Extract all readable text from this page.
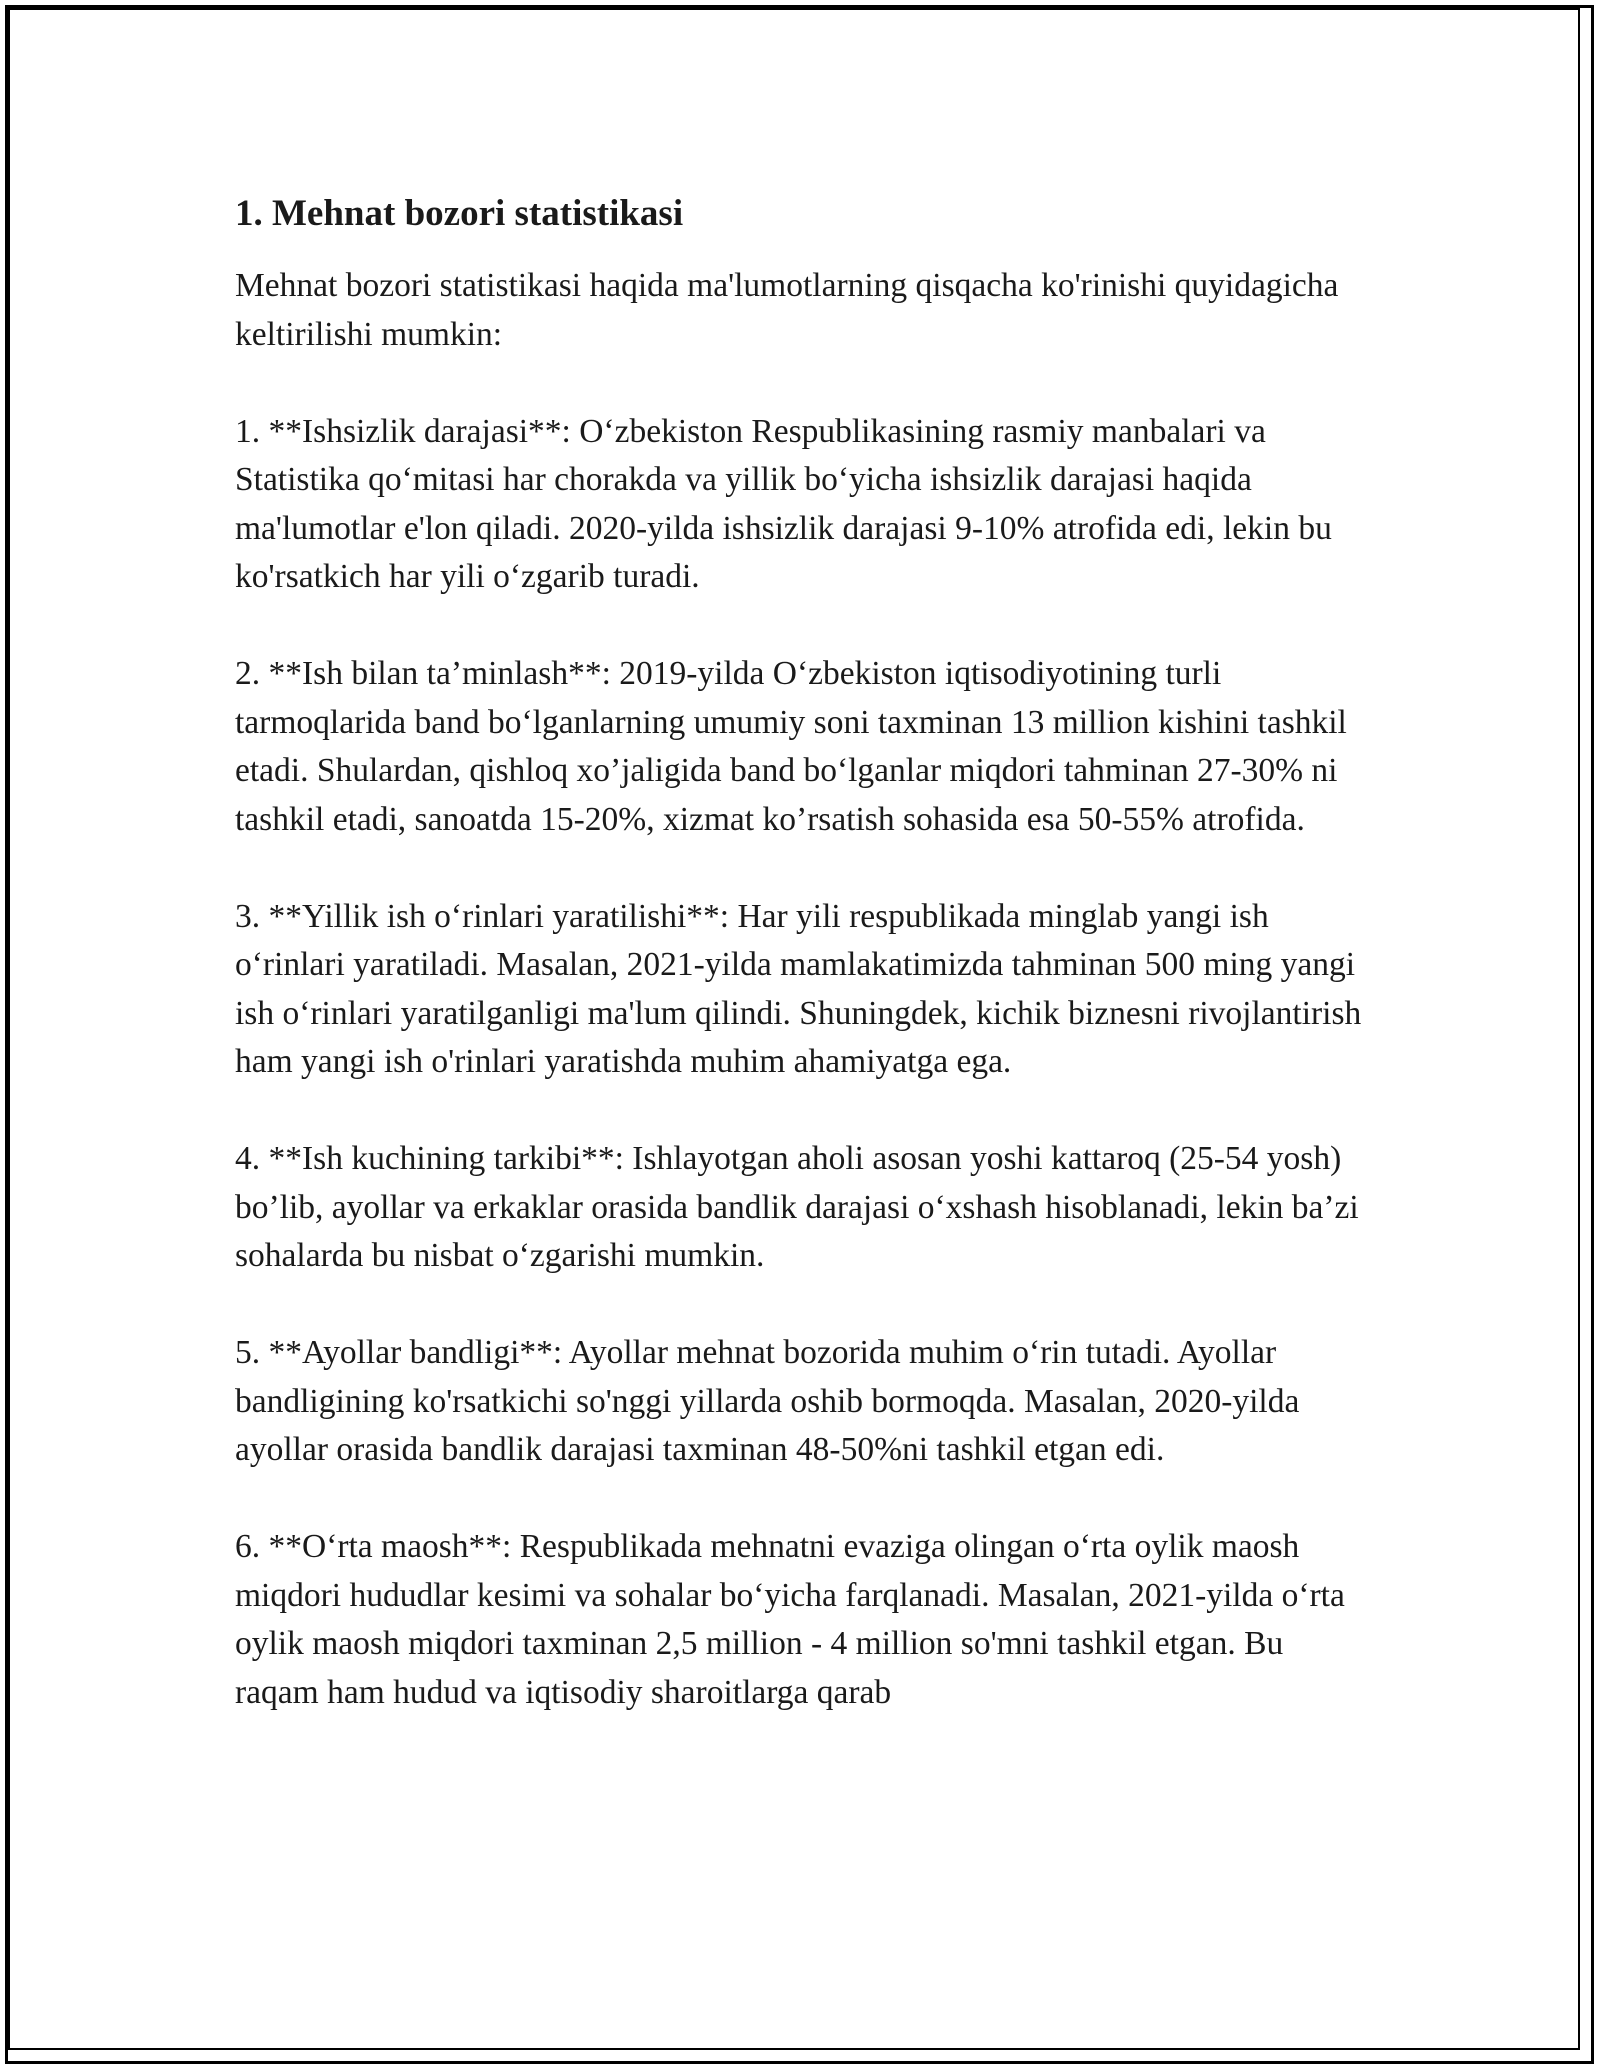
1. Mehnat bozori statistikasi

Mehnat bozori statistikasi haqida ma'lumotlarning qisqacha ko'rinishi quyidagicha keltirilishi mumkin:

1. **Ishsizlik darajasi**: O‘zbekiston Respublikasining rasmiy manbalari va Statistika qo‘mitasi har chorakda va yillik bo‘yicha ishsizlik darajasi haqida ma'lumotlar e'lon qiladi. 2020-yilda ishsizlik darajasi 9-10% atrofida edi, lekin bu ko'rsatkich har yili o‘zgarib turadi.

2. **Ish bilan ta’minlash**: 2019-yilda O‘zbekiston iqtisodiyotining turli tarmoqlarida band bo‘lganlarning umumiy soni taxminan 13 million kishini tashkil etadi. Shulardan, qishloq xo’jaligida band bo‘lganlar miqdori tahminan 27-30% ni tashkil etadi, sanoatda 15-20%, xizmat ko’rsatish sohasida esa 50-55% atrofida.

3. **Yillik ish o‘rinlari yaratilishi**: Har yili respublikada minglab yangi ish o‘rinlari yaratiladi. Masalan, 2021-yilda mamlakatimizda tahminan 500 ming yangi ish o‘rinlari yaratilganligi ma'lum qilindi. Shuningdek, kichik biznesni rivojlantirish ham yangi ish o'rinlari yaratishda muhim ahamiyatga ega.

4. **Ish kuchining tarkibi**: Ishlayotgan aholi asosan yoshi kattaroq (25-54 yosh) bo’lib, ayollar va erkaklar orasida bandlik darajasi o‘xshash hisoblanadi, lekin ba’zi sohalarda bu nisbat o‘zgarishi mumkin.

5. **Ayollar bandligi**: Ayollar mehnat bozorida muhim o‘rin tutadi. Ayollar bandligining ko'rsatkichi so'nggi yillarda oshib bormoqda. Masalan, 2020-yilda ayollar orasida bandlik darajasi taxminan 48-50%ni tashkil etgan edi.

6. **O‘rta maosh**: Respublikada mehnatni evaziga olingan o‘rta oylik maosh miqdori hududlar kesimi va sohalar bo‘yicha farqlanadi. Masalan, 2021-yilda o‘rta oylik maosh miqdori taxminan 2,5 million - 4 million so'mni tashkil etgan. Bu raqam ham hudud va iqtisodiy sharoitlarga qarab
